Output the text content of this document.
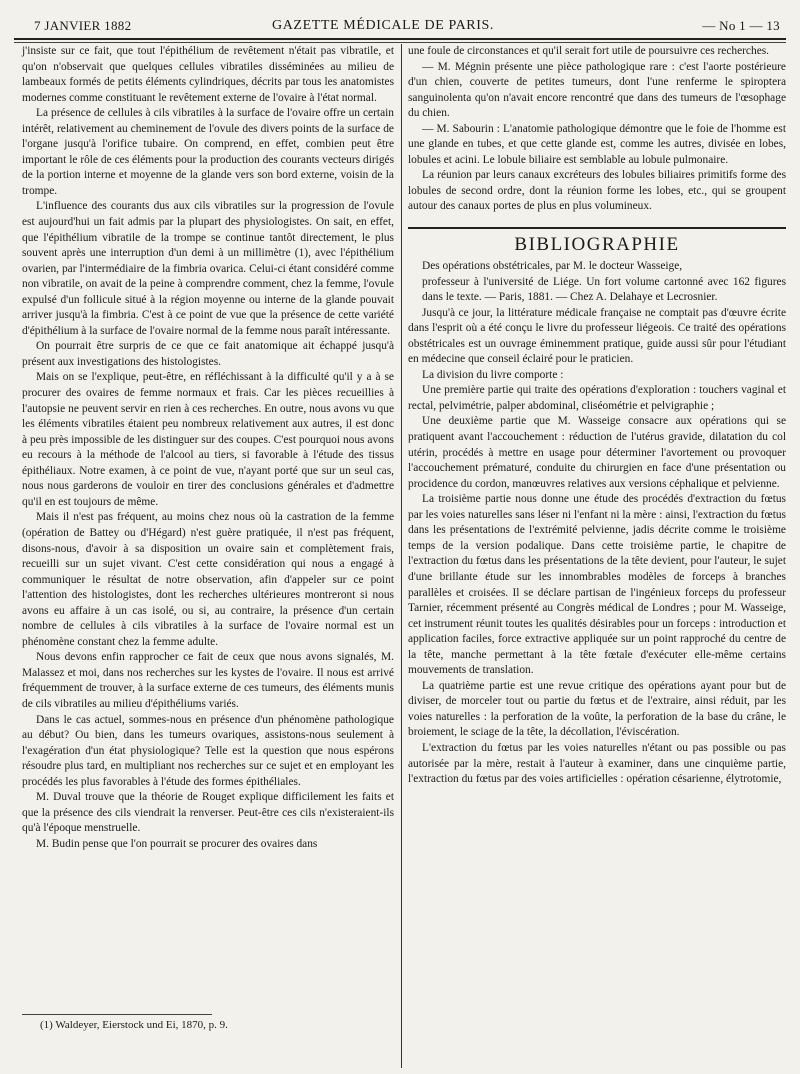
7 JANVIER 1882	GAZETTE MÉDICALE DE PARIS.	— No 1 — 13

j'insiste sur ce fait, que tout l'épithélium de revêtement n'était pas vibratile, et qu'on n'observait que quelques cellules vibratiles disséminées au milieu de lambeaux formés de petits éléments cylindriques, décrits par tous les anatomistes modernes comme constituant le revêtement externe de l'ovaire à l'état normal.

La présence de cellules à cils vibratiles à la surface de l'ovaire offre un certain intérêt, relativement au cheminement de l'ovule des divers points de la surface de l'organe jusqu'à l'orifice tubaire. On comprend, en effet, combien peut être important le rôle de ces éléments pour la production des courants vecteurs dirigés de la portion interne et moyenne de la glande vers son bord externe, voisin de la trompe.

L'influence des courants dus aux cils vibratiles sur la progression de l'ovule est aujourd'hui un fait admis par la plupart des physiologistes. On sait, en effet, que l'épithélium vibratile de la trompe se continue tantôt directement, le plus souvent après une interruption d'un demi à un millimètre (1), avec l'épithélium ovarien, par l'intermédiaire de la fimbria ovarica. Celui-ci étant considéré comme non vibratile, on avait de la peine à comprendre comment, chez la femme, l'ovule expulsé d'un follicule situé à la région moyenne ou interne de la glande pouvait arriver jusqu'à la fimbria. C'est à ce point de vue que la présence de cette variété d'épithélium à la surface de l'ovaire normal de la femme nous paraît intéressante.

On pourrait être surpris de ce que ce fait anatomique ait échappé jusqu'à présent aux investigations des histologistes.

Mais on se l'explique, peut-être, en réfléchissant à la difficulté qu'il y a à se procurer des ovaires de femme normaux et frais. Car les pièces recueillies à l'autopsie ne peuvent servir en rien à ces recherches. En outre, nous avons vu que les éléments vibratiles étaient peu nombreux relativement aux autres, il est donc à peu près impossible de les distinguer sur des coupes. C'est pourquoi nous avons eu recours à la méthode de l'alcool au tiers, si favorable à l'étude des tissus épithéliaux. Notre examen, à ce point de vue, n'ayant porté que sur un seul cas, nous nous garderons de vouloir en tirer des conclusions générales et d'admettre qu'il en est toujours de même.

Mais il n'est pas fréquent, au moins chez nous où la castration de la femme (opération de Battey ou d'Hégard) n'est guère pratiquée, il n'est pas fréquent, disons-nous, d'avoir à sa disposition un ovaire sain et complètement frais, recueilli sur un sujet vivant. C'est cette considération qui nous a engagé à communiquer le résultat de notre observation, afin d'appeler sur ce point l'attention des histologistes, dont les recherches ultérieures montreront si nous avons eu affaire à un cas isolé, ou si, au contraire, la présence d'un certain nombre de cellules à cils vibratiles à la surface de l'ovaire normal est un phénomène constant chez la femme adulte.

Nous devons enfin rapprocher ce fait de ceux que nous avons signalés, M. Malassez et moi, dans nos recherches sur les kystes de l'ovaire. Il nous est arrivé fréquemment de trouver, à la surface externe de ces tumeurs, des éléments munis de cils vibratiles au milieu d'épithéliums variés.

Dans le cas actuel, sommes-nous en présence d'un phénomène pathologique au début? Ou bien, dans les tumeurs ovariques, assistons-nous seulement à l'exagération d'un état physiologique? Telle est la question que nous espérons résoudre plus tard, en multipliant nos recherches sur ce sujet et en employant les procédés les plus favorables à l'étude des formes épithéliales.

M. Duval trouve que la théorie de Rouget explique difficilement les faits et que la présence des cils viendrait la renverser. Peut-être ces cils n'existeraient-ils qu'à l'époque menstruelle.

M. Budin pense que l'on pourrait se procurer des ovaires dans

(1) Waldeyer, Eierstock und Ei, 1870, p. 9.

une foule de circonstances et qu'il serait fort utile de poursuivre ces recherches.

— M. Mégnin présente une pièce pathologique rare : c'est l'aorte postérieure d'un chien, couverte de petites tumeurs, dont l'une renferme le spiroptera sanguinolenta qu'on n'avait encore rencontré que dans des tumeurs de l'œsophage du chien.

— M. Sabourin : L'anatomie pathologique démontre que le foie de l'homme est une glande en tubes, et que cette glande est, comme les autres, divisée en lobes, lobules et acini. Le lobule biliaire est semblable au lobule pulmonaire.

La réunion par leurs canaux excréteurs des lobules biliaires primitifs forme des lobules de second ordre, dont la réunion forme les lobes, etc., qui se groupent autour des canaux portes de plus en plus volumineux.

BIBLIOGRAPHIE

Des opérations obstétricales, par M. le docteur Wasseige,
professeur à l'université de Liége. Un fort volume cartonné avec 162 figures dans le texte. — Paris, 1881. — Chez A. Delahaye et Lecrosnier.

Jusqu'à ce jour, la littérature médicale française ne comptait pas d'œuvre écrite dans l'esprit où a été conçu le livre du professeur liégeois. Ce traité des opérations obstétricales est un ouvrage éminemment pratique, guide aussi sûr pour l'étudiant en médecine que conseil éclairé pour le praticien.

La division du livre comporte :

Une première partie qui traite des opérations d'exploration : touchers vaginal et rectal, pelvimétrie, palper abdominal, cliséométrie et pelvigraphie ;

Une deuxième partie que M. Wasseige consacre aux opérations qui se pratiquent avant l'accouchement : réduction de l'utérus gravide, dilatation du col utérin, procédés à mettre en usage pour déterminer l'avortement ou provoquer l'accouchement prématuré, conduite du chirurgien en face d'une présentation ou procidence du cordon, manœuvres relatives aux versions céphalique et pelvienne.

La troisième partie nous donne une étude des procédés d'extraction du fœtus par les voies naturelles sans léser ni l'enfant ni la mère : ainsi, l'extraction du fœtus dans les présentations de l'extrémité pelvienne, jadis décrite comme le troisième temps de la version podalique. Dans cette troisième partie, le chapitre de l'extraction du fœtus dans les présentations de la tête devient, pour l'auteur, le sujet d'une brillante étude sur les innombrables modèles de forceps à branches parallèles et croisées. Il se déclare partisan de l'ingénieux forceps du professeur Tarnier, récemment présenté au Congrès médical de Londres ; pour M. Wasseige, cet instrument réunit toutes les qualités désirables pour un forceps : introduction et application faciles, force extractive appliquée sur un point rapproché du centre de la tête, manche permettant à la tête fœtale d'exécuter elle-même certains mouvements de translation.

La quatrième partie est une revue critique des opérations ayant pour but de diviser, de morceler tout ou partie du fœtus et de l'extraire, ainsi réduit, par les voies naturelles : la perforation de la voûte, la perforation de la base du crâne, le broiement, le sciage de la tête, la décollation, l'éviscération.

L'extraction du fœtus par les voies naturelles n'étant ou pas possible ou pas autorisée par la mère, restait à l'auteur à examiner, dans une cinquième partie, l'extraction du fœtus par des voies artificielles : opération césarienne, élytrotomie,
